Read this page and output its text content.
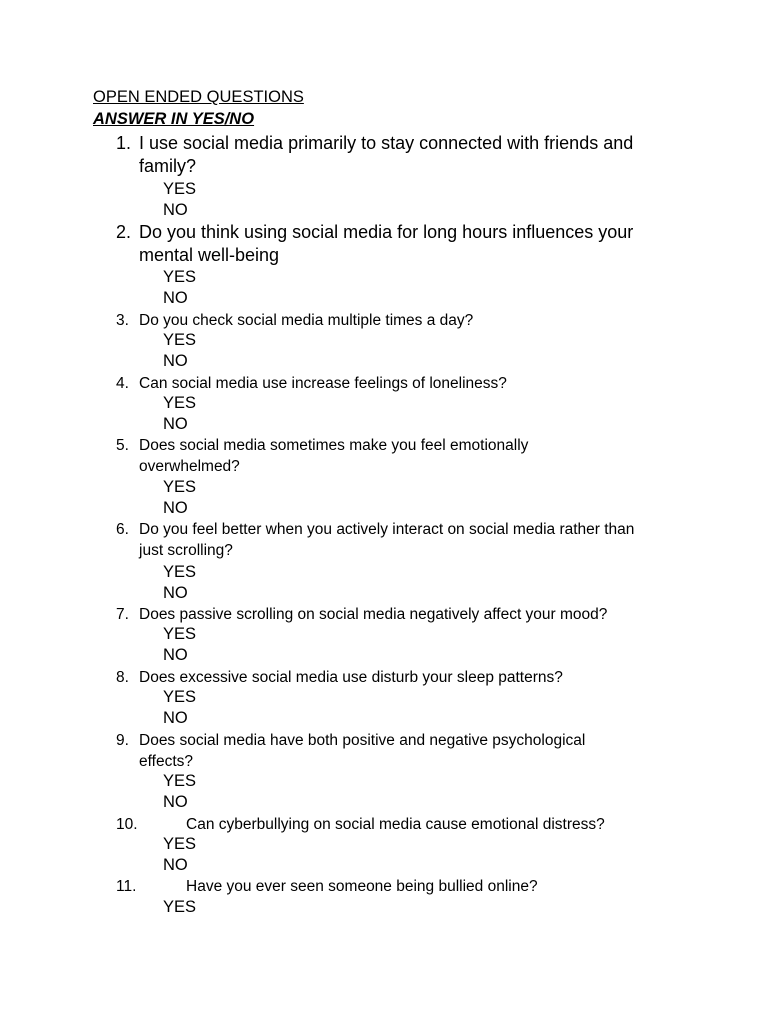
OPEN ENDED QUESTIONS
ANSWER IN YES/NO
1. I use social media primarily to stay connected with friends and family?
YES
NO
2. Do you think using social media for long hours influences your mental well-being
YES
NO
3. Do you check social media multiple times a day?
YES
NO
4. Can social media use increase feelings of loneliness?
YES
NO
5. Does social media sometimes make you feel emotionally overwhelmed?
YES
NO
6. Do you feel better when you actively interact on social media rather than just scrolling?
YES
NO
7. Does passive scrolling on social media negatively affect your mood?
YES
NO
8. Does excessive social media use disturb your sleep patterns?
YES
NO
9. Does social media have both positive and negative psychological effects?
YES
NO
10.	Can cyberbullying on social media cause emotional distress?
YES
NO
11.	Have you ever seen someone being bullied online?
YES
